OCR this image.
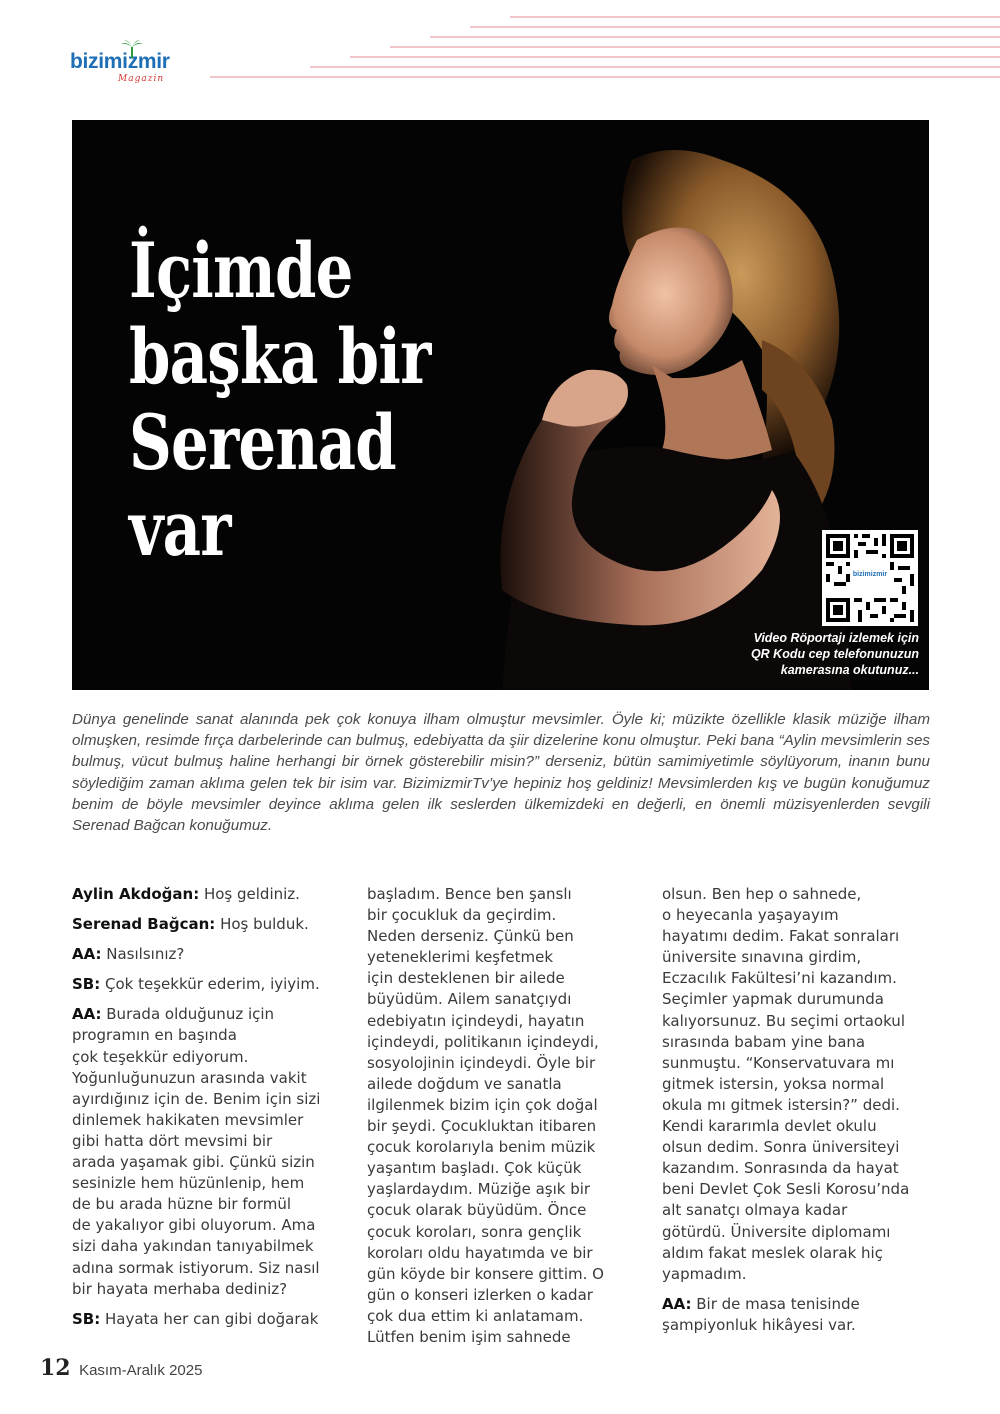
bizimizmir
Magazin
İçimde
başka bir
Serenad
var
bizimizmir
Video Röportajı izlemek için
QR Kodu cep telefonunuzun
kamerasına okutunuz...

Dünya genelinde sanat alanında pek çok konuya ilham olmuştur mevsimler. Öyle ki; müzikte özellikle klasik müziğe ilham olmuşken, resimde fırça darbelerinde can bulmuş, edebiyatta da şiir dizelerine konu olmuştur. Peki bana “Aylin mevsimlerin ses bulmuş, vücut bulmuş haline herhangi bir örnek gösterebilir misin?” derseniz, bütün samimiyetimle söylüyorum, inanın bunu söylediğim zaman aklıma gelen tek bir isim var. BizimizmirTv’ye hepiniz hoş geldiniz! Mevsimlerden kış ve bugün konuğumuz benim de böyle mevsimler deyince aklıma gelen ilk seslerden ülkemizdeki en değerli, en önemli müzisyenlerden sevgili Serenad Bağcan konuğumuz.

Aylin Akdoğan: Hoş geldiniz.
Serenad Bağcan: Hoş bulduk.
AA: Nasılsınız?
SB: Çok teşekkür ederim, iyiyim.
AA: Burada olduğunuz için
programın en başında
çok teşekkür ediyorum.
Yoğunluğunuzun arasında vakit
ayırdığınız için de. Benim için sizi
dinlemek hakikaten mevsimler
gibi hatta dört mevsimi bir
arada yaşamak gibi. Çünkü sizin
sesinizle hem hüzünlenip, hem
de bu arada hüzne bir formül
de yakalıyor gibi oluyorum. Ama
sizi daha yakından tanıyabilmek
adına sormak istiyorum. Siz nasıl
bir hayata merhaba dediniz?
SB: Hayata her can gibi doğarak
başladım. Bence ben şanslı
bir çocukluk da geçirdim.
Neden derseniz. Çünkü ben
yeteneklerimi keşfetmek
için desteklenen bir ailede
büyüdüm. Ailem sanatçıydı
edebiyatın içindeydi, hayatın
içindeydi, politikanın içindeydi,
sosyolojinin içindeydi. Öyle bir
ailede doğdum ve sanatla
ilgilenmek bizim için çok doğal
bir şeydi. Çocukluktan itibaren
çocuk korolarıyla benim müzik
yaşantım başladı. Çok küçük
yaşlardaydım. Müziğe aşık bir
çocuk olarak büyüdüm. Önce
çocuk koroları, sonra gençlik
koroları oldu hayatımda ve bir
gün köyde bir konsere gittim. O
gün o konseri izlerken o kadar
çok dua ettim ki anlatamam.
Lütfen benim işim sahnede
olsun. Ben hep o sahnede,
o heyecanla yaşayayım
hayatımı dedim. Fakat sonraları
üniversite sınavına girdim,
Eczacılık Fakültesi’ni kazandım.
Seçimler yapmak durumunda
kalıyorsunuz. Bu seçimi ortaokul
sırasında babam yine bana
sunmuştu. “Konservatuvara mı
gitmek istersin, yoksa normal
okula mı gitmek istersin?” dedi.
Kendi kararımla devlet okulu
olsun dedim. Sonra üniversiteyi
kazandım. Sonrasında da hayat
beni Devlet Çok Sesli Korosu’nda
alt sanatçı olmaya kadar
götürdü. Üniversite diplomamı
aldım fakat meslek olarak hiç
yapmadım.
AA: Bir de masa tenisinde
şampiyonluk hikâyesi var.
12 Kasım-Aralık 2025
